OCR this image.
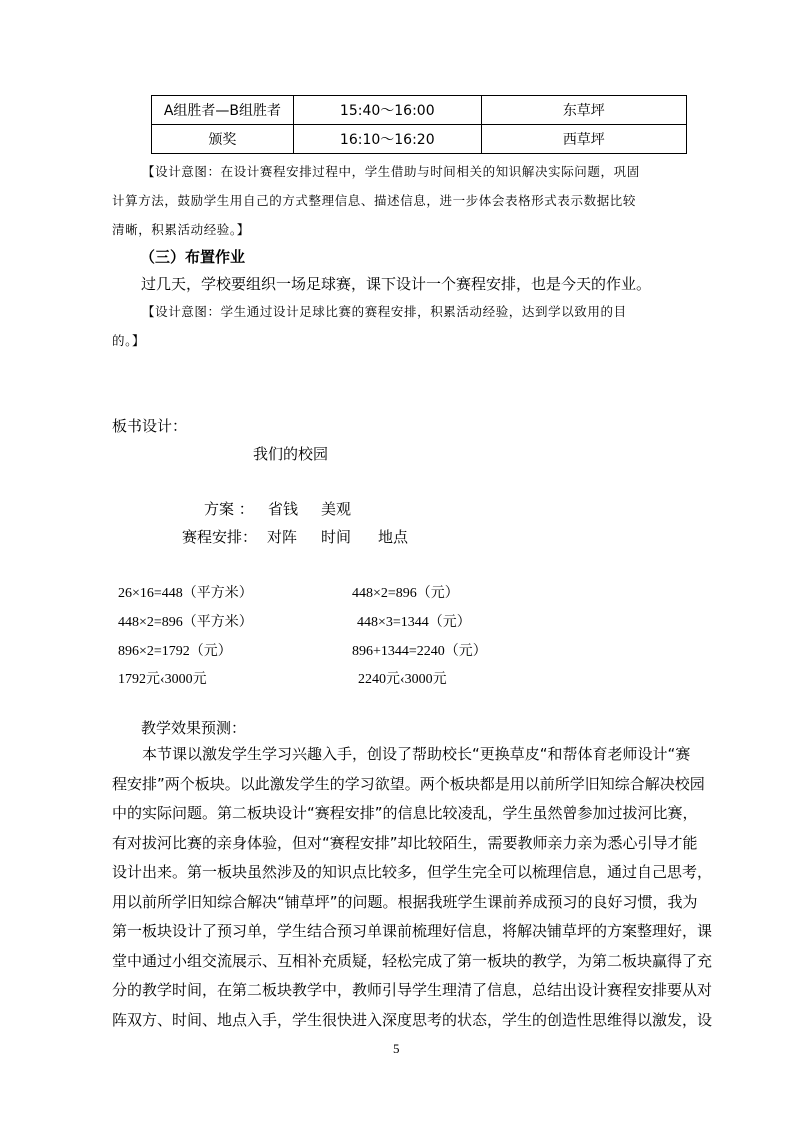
A组胜者—B组胜者	15:40～16:00	东草坪
颁奖	16:10～16:20	西草坪
【设计意图：在设计赛程安排过程中，学生借助与时间相关的知识解决实际问题，巩固
计算方法，鼓励学生用自己的方式整理信息、描述信息，进一步体会表格形式表示数据比较
清晰，积累活动经验。】
（三）布置作业
过几天，学校要组织一场足球赛，课下设计一个赛程安排，也是今天的作业。
【设计意图：学生通过设计足球比赛的赛程安排，积累活动经验，达到学以致用的目
的。】
板书设计：
我们的校园
方案 ： 省钱 美观
赛程安排： 对阵 时间 地点
26×16=448（平方米）
448×2=896（平方米）
896×2=1792（元）
1792元‹3000元
448×2=896（元）
448×3=1344（元）
896+1344=2240（元）
2240元‹3000元
教学效果预测：
本节课以激发学生学习兴趣入手，创设了帮助校长“更换草皮“和帮体育老师设计“赛
程安排”两个板块。以此激发学生的学习欲望。两个板块都是用以前所学旧知综合解决校园
中的实际问题。第二板块设计“赛程安排”的信息比较凌乱，学生虽然曾参加过拔河比赛，
有对拔河比赛的亲身体验，但对“赛程安排”却比较陌生，需要教师亲力亲为悉心引导才能
设计出来。第一板块虽然涉及的知识点比较多，但学生完全可以梳理信息，通过自己思考，
用以前所学旧知综合解决“铺草坪”的问题。根据我班学生课前养成预习的良好习惯，我为
第一板块设计了预习单，学生结合预习单课前梳理好信息，将解决铺草坪的方案整理好，课
堂中通过小组交流展示、互相补充质疑，轻松完成了第一板块的教学，为第二板块赢得了充
分的教学时间，在第二板块教学中，教师引导学生理清了信息，总结出设计赛程安排要从对
阵双方、时间、地点入手，学生很快进入深度思考的状态，学生的创造性思维得以激发，设
5
